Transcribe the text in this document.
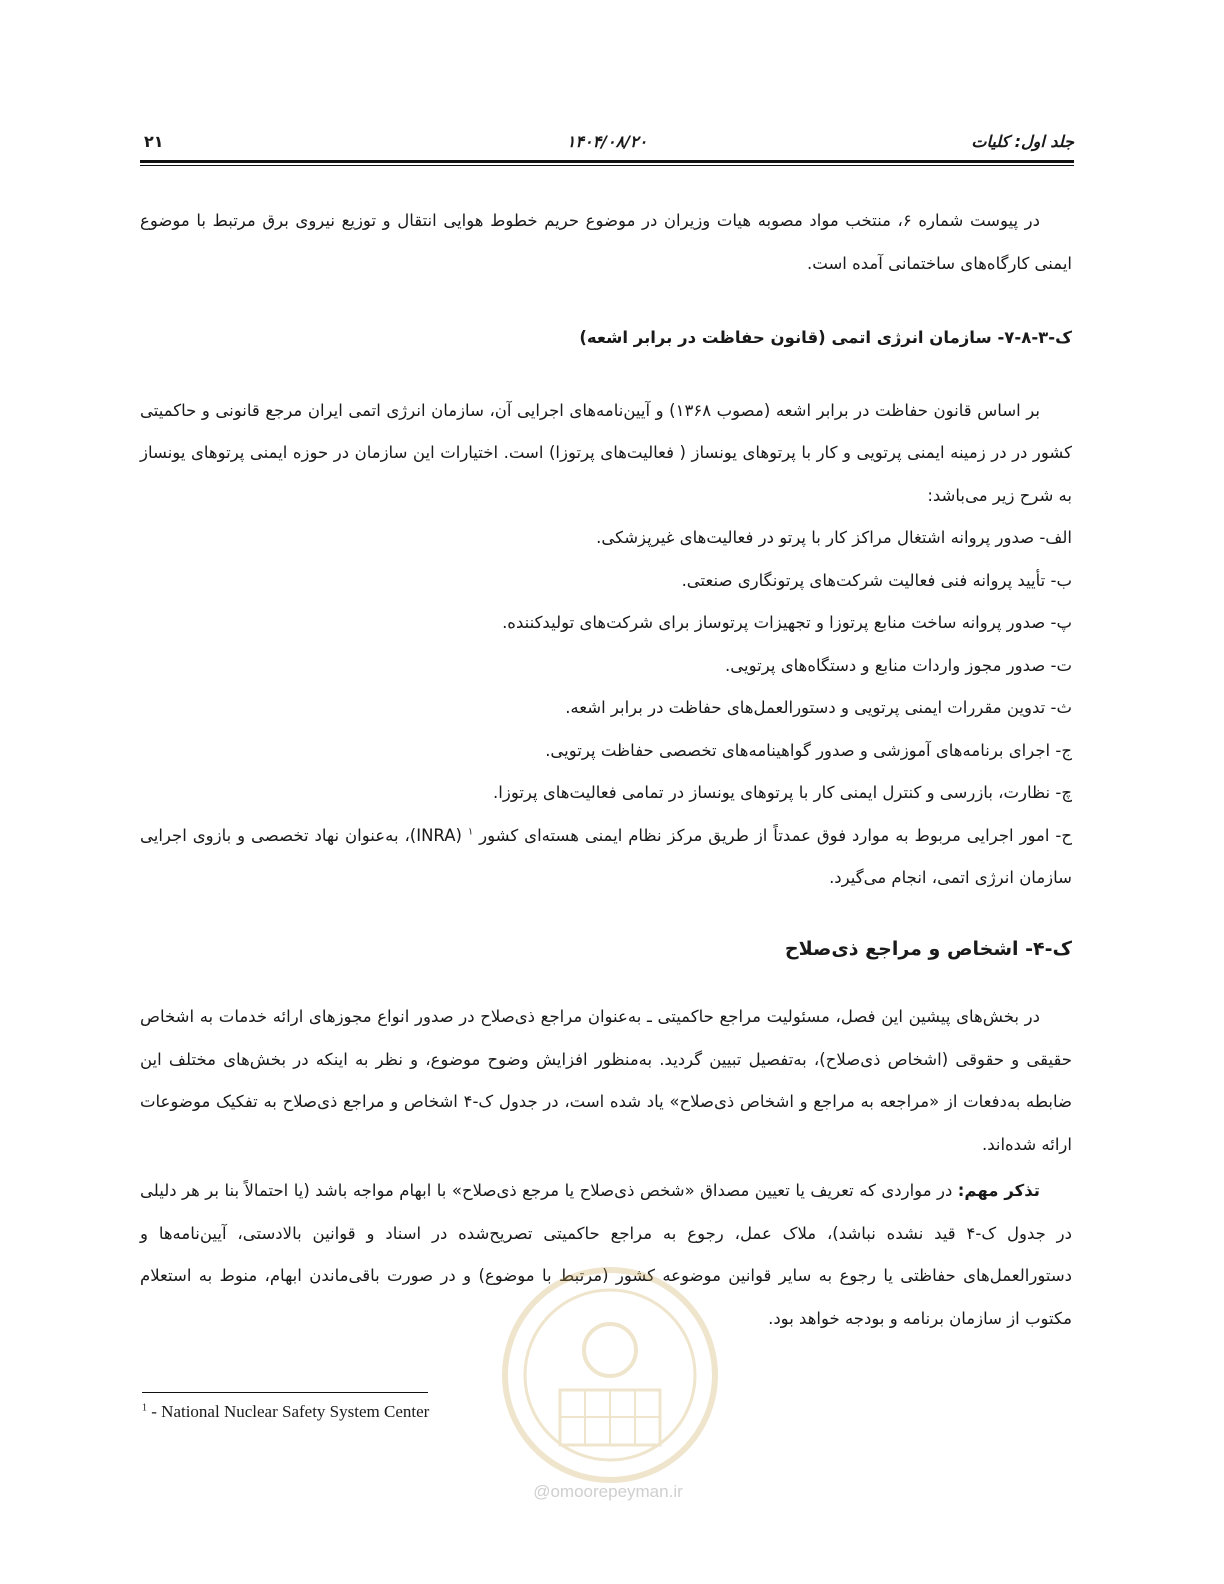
جلد اول: کلیات
۱۴۰۴/۰۸/۲۰
۲۱

در پیوست شماره ۶، منتخب مواد مصوبه هیات وزیران در موضوع حریم خطوط هوایی انتقال و توزیع نیروی برق مرتبط با موضوع ایمنی کارگاه‌های ساختمانی آمده است.

ک-۳-۸-۷- سازمان انرژی اتمی (قانون حفاظت در برابر اشعه)

بر اساس قانون حفاظت در برابر اشعه (مصوب ۱۳۶۸) و آیین‌نامه‌های اجرایی آن، سازمان انرژی اتمی ایران مرجع قانونی و حاکمیتی کشور در در زمینه ایمنی پرتویی و کار با پرتوهای یونساز ( فعالیت‌های پرتوزا) است. اختیارات این سازمان در حوزه ایمنی پرتوهای یونساز به شرح زیر می‌باشد:

الف- صدور پروانه اشتغال مراکز کار با پرتو در فعالیت‌های غیرپزشکی.

ب- تأیید پروانه فنی فعالیت شرکت‌های پرتونگاری صنعتی.

پ- صدور پروانه ساخت منابع پرتوزا و تجهیزات پرتوساز برای شرکت‌های تولیدکننده.

ت- صدور مجوز واردات منابع و دستگاه‌های پرتویی.

ث- تدوین مقررات ایمنی پرتویی و دستورالعمل‌های حفاظت در برابر اشعه.

ج- اجرای برنامه‌های آموزشی و صدور گواهینامه‌های تخصصی حفاظت پرتویی.

چ- نظارت، بازرسی و کنترل ایمنی کار با پرتوهای یونساز در تمامی فعالیت‌های پرتوزا.

ح- امور اجرایی مربوط به موارد فوق عمدتاً از طریق مرکز نظام ایمنی هسته‌ای کشور $^۱$ (INRA)، به‌عنوان نهاد تخصصی و بازوی اجرایی سازمان انرژی اتمی، انجام می‌گیرد.

ک-۴- اشخاص و مراجع ذی‌صلاح

در بخش‌های پیشین این فصل، مسئولیت مراجع حاکمیتی ـ به‌عنوان مراجع ذی‌صلاح در صدور انواع مجوزهای ارائه خدمات به اشخاص حقیقی و حقوقی (اشخاص ذی‌صلاح)، به‌تفصیل تبیین گردید. به‌منظور افزایش وضوح موضوع، و نظر به اینکه در بخش‌های مختلف این ضابطه به‌دفعات از «مراجعه به مراجع و اشخاص ذی‌صلاح» یاد شده است، در جدول ک-۴ اشخاص و مراجع ذی‌صلاح به تفکیک موضوعات ارائه شده‌اند.

تذکر مهم: در مواردی که تعریف یا تعیین مصداق «شخص ذی‌صلاح یا مرجع ذی‌صلاح» با ابهام مواجه باشد (یا احتمالاً بنا بر هر دلیلی در جدول ک-۴ قید نشده نباشد)، ملاک عمل، رجوع به مراجع حاکمیتی تصریح‌شده در اسناد و قوانین بالادستی، آیین‌نامه‌ها و دستورالعمل‌های حفاظتی یا رجوع به سایر قوانین موضوعه کشور (مرتبط با موضوع) و در صورت باقی‌ماندن ابهام، منوط به استعلام مکتوب از سازمان برنامه و بودجه خواهد بود.

$^1$ - National Nuclear Safety System Center
@omoorepeyman.ir
